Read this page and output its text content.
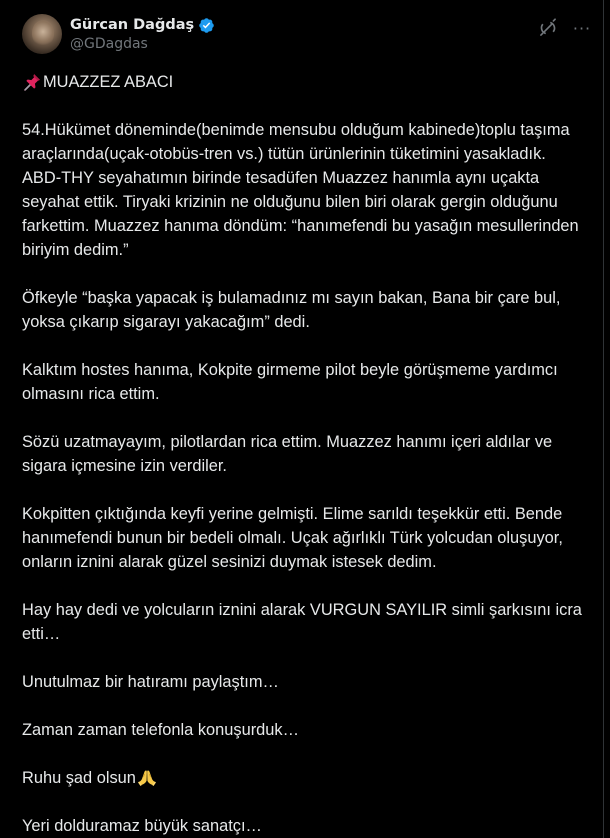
Gürcan Dağdaş
@GDagdas
···
MUAZZEZ ABACI

54.Hükümet döneminde(benimde mensubu olduğum kabinede)toplu taşıma araçlarında(uçak-otobüs-tren vs.) tütün ürünlerinin tüketimini yasakladık. ABD-THY seyahatımın birinde tesadüfen Muazzez hanımla aynı uçakta seyahat ettik. Tiryaki krizinin ne olduğunu bilen biri olarak gergin olduğunu farkettim. Muazzez hanıma döndüm: “hanımefendi bu yasağın mesullerinden biriyim dedim.”

Öfkeyle “başka yapacak iş bulamadınız mı sayın bakan, Bana bir çare bul, yoksa çıkarıp sigarayı yakacağım” dedi.

Kalktım hostes hanıma, Kokpite girmeme pilot beyle görüşmeme yardımcı olmasını rica ettim.

Sözü uzatmayayım, pilotlardan rica ettim. Muazzez hanımı içeri aldılar ve sigara içmesine izin verdiler.

Kokpitten çıktığında keyfi yerine gelmişti. Elime sarıldı teşekkür etti. Bende hanımefendi bunun bir bedeli olmalı. Uçak ağırlıklı Türk yolcudan oluşuyor, onların iznini alarak güzel sesinizi duymak istesek dedim.

Hay hay dedi ve yolcuların iznini alarak VURGUN SAYILIR simli şarkısını icra etti…

Unutulmaz bir hatıramı paylaştım…

Zaman zaman telefonla konuşurduk…

Ruhu şad olsun

Yeri dolduramaz büyük sanatçı…
